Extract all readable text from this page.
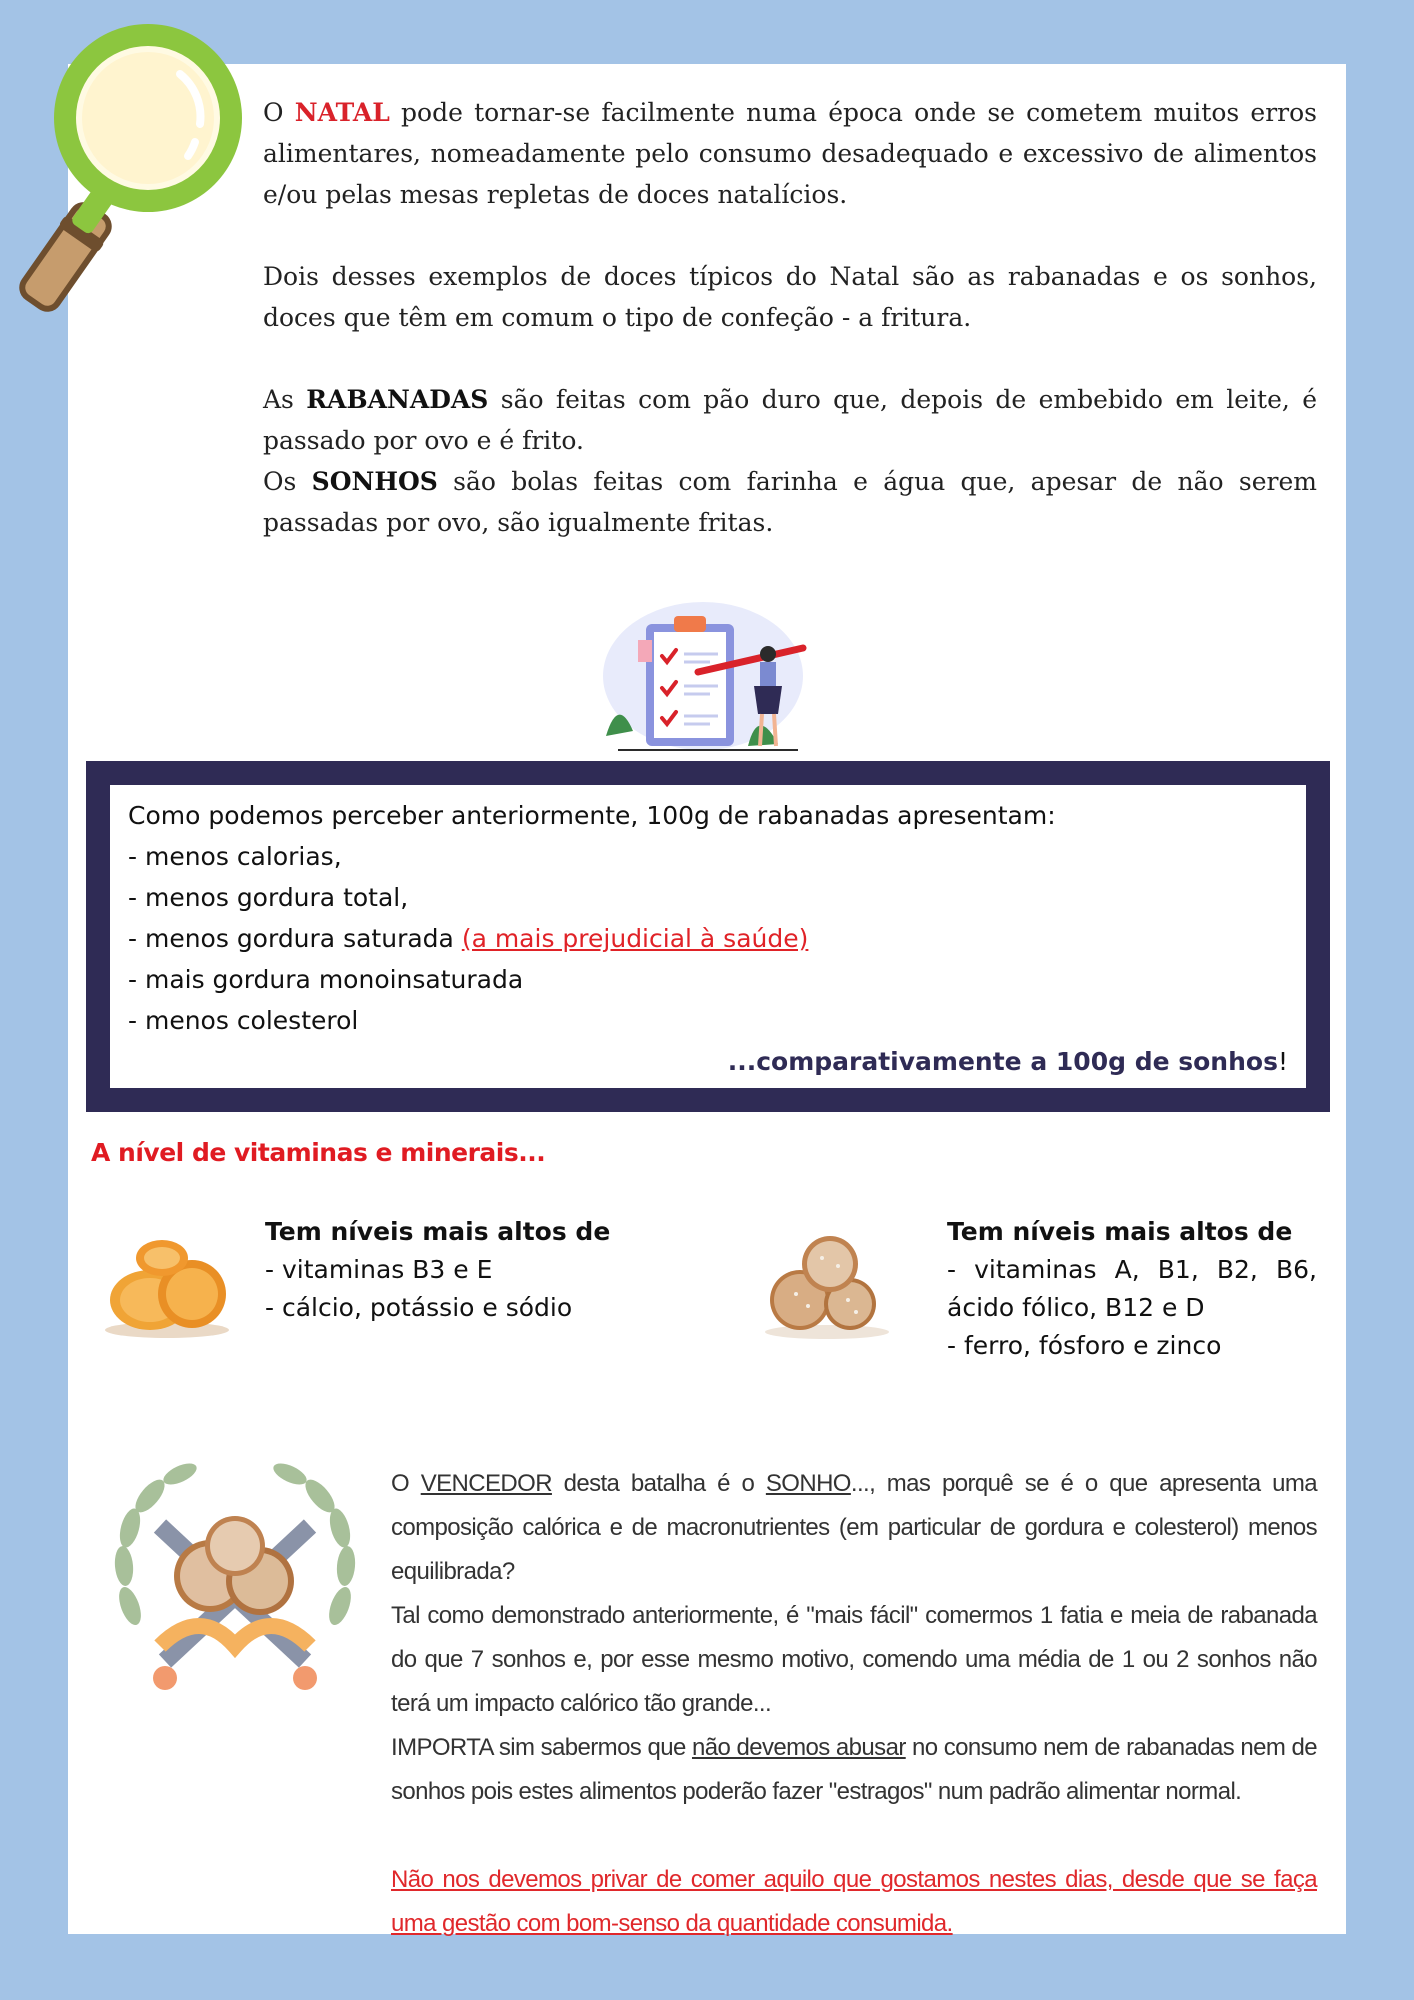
O NATAL pode tornar-se facilmente numa época onde se cometem muitos erros alimentares, nomeadamente pelo consumo desadequado e excessivo de alimentos e/ou pelas mesas repletas de doces natalícios.

Dois desses exemplos de doces típicos do Natal são as rabanadas e os sonhos, doces que têm em comum o tipo de confeção - a fritura.

As RABANADAS são feitas com pão duro que, depois de embebido em leite, é passado por ovo e é frito.

Os SONHOS são bolas feitas com farinha e água que, apesar de não serem passadas por ovo, são igualmente fritas.

Como podemos perceber anteriormente, 100g de rabanadas apresentam:
- menos calorias,
- menos gordura total,
- menos gordura saturada (a mais prejudicial à saúde)
- mais gordura monoinsaturada
- menos colesterol
...comparativamente a 100g de sonhos!
A nível de vitaminas e minerais...
Tem níveis mais altos de
- vitaminas B3 e E
- cálcio, potássio e sódio
Tem níveis mais altos de
- vitaminas A, B1, B2, B6, ácido fólico, B12 e D
- ferro, fósforo e zinco

O VENCEDOR desta batalha é o SONHO..., mas porquê se é o que apresenta uma composição calórica e de macronutrientes (em particular de gordura e colesterol) menos equilibrada?

Tal como demonstrado anteriormente, é "mais fácil" comermos 1 fatia e meia de rabanada do que 7 sonhos e, por esse mesmo motivo, comendo uma média de 1 ou 2 sonhos não terá um impacto calórico tão grande...

IMPORTA sim sabermos que não devemos abusar no consumo nem de rabanadas nem de sonhos pois estes alimentos poderão fazer "estragos" num padrão alimentar normal.

Não nos devemos privar de comer aquilo que gostamos nestes dias, desde que se faça uma gestão com bom-senso da quantidade consumida.
